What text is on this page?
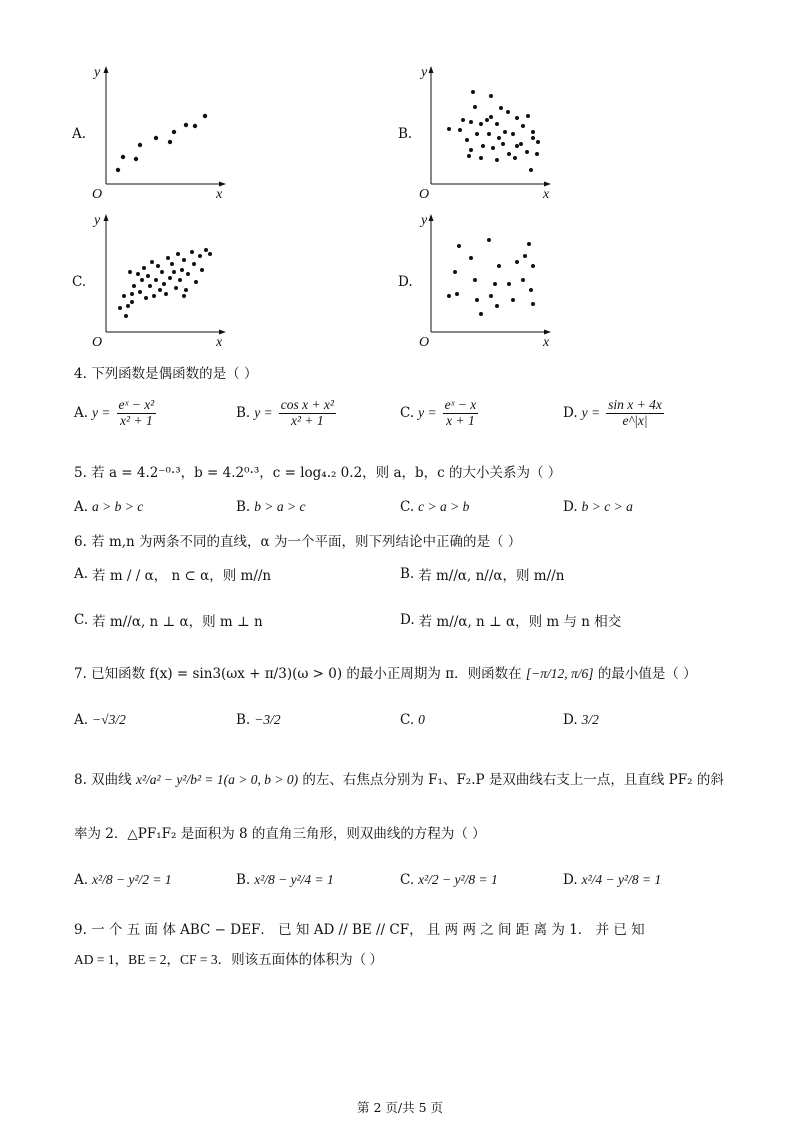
A.
y
x
O
B.
y
x
O
C.
y
x
O
D.
y
x
O
4. 下列函数是偶函数的是（ ）
A. $y = \frac{\text{eˣ − x²}}{\text{x² + 1}}$	B. $y = \frac{\text{cos x + x²}}{\text{x² + 1}}$	C. $y = \frac{\text{eˣ − x}}{x + 1}$	D. $y = \frac{\text{sin x + 4x}}{e\^{}|x|}$
5. 若 a = 4.2⁻⁰·³，b = 4.2⁰·³，c = log₄.₂ 0.2，则 a，b，c 的大小关系为（ ）
A. a > b > c	B. b > a > c	C. c > a > b	D. b > c > a
6. 若 m,n 为两条不同的直线，α 为一个平面，则下列结论中正确的是（ ）
A. 若 m / / α， n ⊂ α，则 m//n	B. 若 m//α, n//α，则 m//n
C. 若 m//α, n ⊥ α，则 m ⊥ n	D. 若 m//α, n ⊥ α，则 m 与 n 相交
7. 已知函数 f(x) = sin3(ωx + π/3)(ω > 0) 的最小正周期为 π．则函数在 [−π/12, π/6] 的最小值是（ ）
A. −√3/2	B. −3/2	C. 0	D. 3/2
8. 双曲线 x²/a² − y²/b² = 1(a > 0, b > 0) 的左、右焦点分别为 F₁、F₂.P 是双曲线右支上一点，且直线 PF₂ 的斜
率为 2．△PF₁F₂ 是面积为 8 的直角三角形，则双曲线的方程为（ ）
A. x²/8 − y²/2 = 1	B. x²/8 − y²/4 = 1	C. x²/2 − y²/8 = 1	D. x²/4 − y²/8 = 1
9. 一 个 五 面 体 ABC − DEF． 已 知 AD // BE // CF， 且 两 两 之 间 距 离 为 1． 并 已 知
AD = 1，BE = 2，CF = 3．则该五面体的体积为（ ）
第 2 页/共 5 页
